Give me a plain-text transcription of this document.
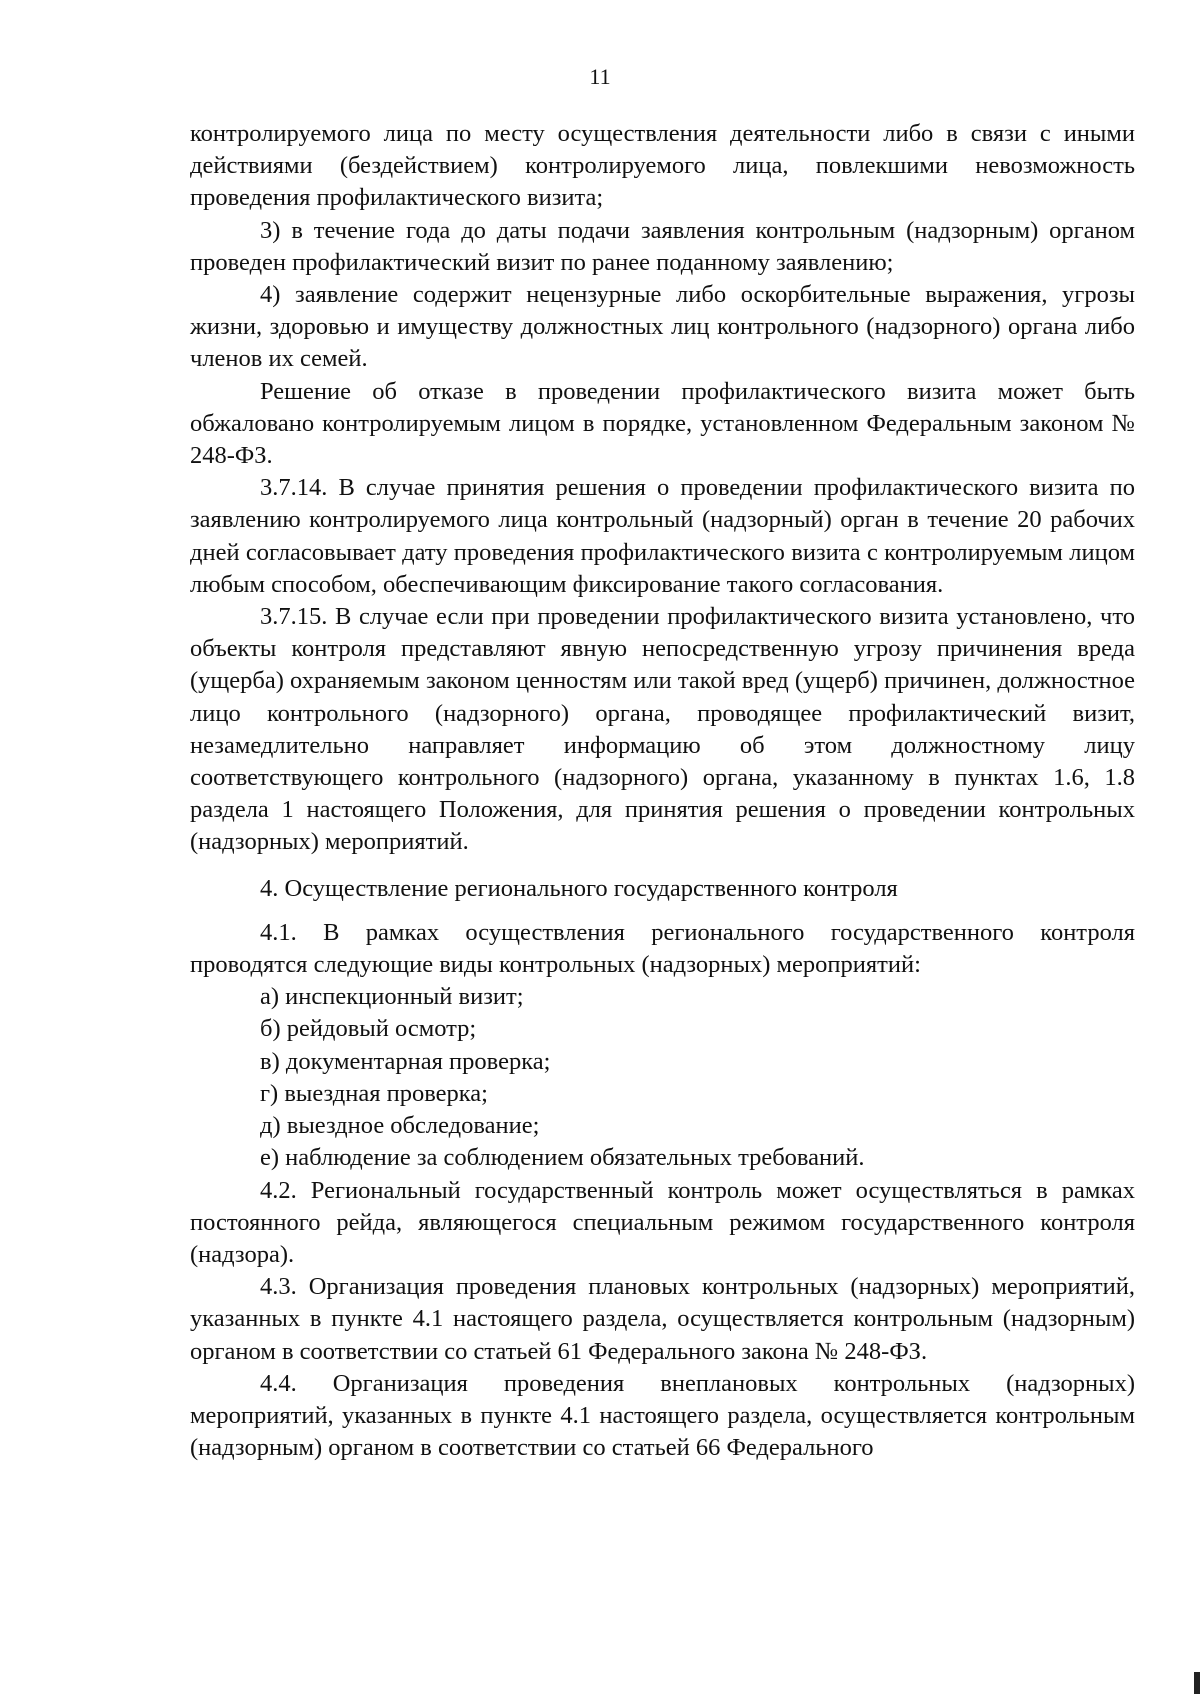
11

контролируемого лица по месту осуществления деятельности либо в связи с иными действиями (бездействием) контролируемого лица, повлекшими невозможность проведения профилактического визита;

3) в течение года до даты подачи заявления контрольным (надзорным) органом проведен профилактический визит по ранее поданному заявлению;

4) заявление содержит нецензурные либо оскорбительные выражения, угрозы жизни, здоровью и имуществу должностных лиц контрольного (надзорного) органа либо членов их семей.

Решение об отказе в проведении профилактического визита может быть обжаловано контролируемым лицом в порядке, установленном Федеральным законом № 248-ФЗ.

3.7.14. В случае принятия решения о проведении профилактического визита по заявлению контролируемого лица контрольный (надзорный) орган в течение 20 рабочих дней согласовывает дату проведения профилактического визита с контролируемым лицом любым способом, обеспечивающим фиксирование такого согласования.

3.7.15. В случае если при проведении профилактического визита установлено, что объекты контроля представляют явную непосредственную угрозу причинения вреда (ущерба) охраняемым законом ценностям или такой вред (ущерб) причинен, должностное лицо контрольного (надзорного) органа, проводящее профилактический визит, незамедлительно направляет информацию об этом должностному лицу соответствующего контрольного (надзорного) органа, указанному в пунктах 1.6, 1.8 раздела 1 настоящего Положения, для принятия решения о проведении контрольных (надзорных) мероприятий.

4. Осуществление регионального государственного контроля

4.1. В рамках осуществления регионального государственного контроля проводятся следующие виды контрольных (надзорных) мероприятий:

а) инспекционный визит;

б) рейдовый осмотр;

в) документарная проверка;

г) выездная проверка;

д) выездное обследование;

е) наблюдение за соблюдением обязательных требований.

4.2. Региональный государственный контроль может осуществляться в рамках постоянного рейда, являющегося специальным режимом государственного контроля (надзора).

4.3. Организация проведения плановых контрольных (надзорных) мероприятий, указанных в пункте 4.1 настоящего раздела, осуществляется контрольным (надзорным) органом в соответствии со статьей 61 Федерального закона № 248-ФЗ.

4.4. Организация проведения внеплановых контрольных (надзорных) мероприятий, указанных в пункте 4.1 настоящего раздела, осуществляется контрольным (надзорным) органом в соответствии со статьей 66 Федерального
